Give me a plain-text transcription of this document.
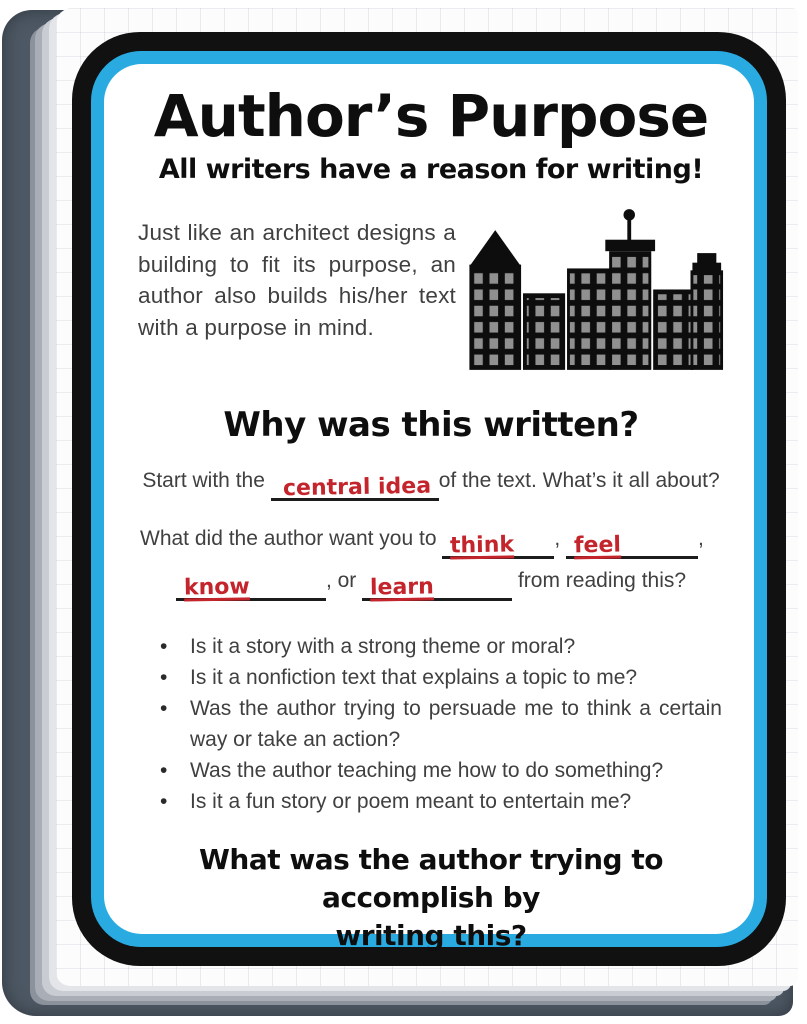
Author’s Purpose
All writers have a reason for writing!

Just like an architect designs a building to fit its purpose, an author also builds his/her text with a purpose in mind.

Why was this written?
Start with the central idea of the text. What’s it all about?
What did the author want you to think , feel	,
know	, or learn	from reading this?
• Is it a story with a strong theme or moral?
• Is it a nonfiction text that explains a topic to me?
• Was the author trying to persuade me to think a certain way or take an action?
• Was the author teaching me how to do something?
• Is it a fun story or poem meant to entertain me?
What was the author trying to accomplish by
writing this?
